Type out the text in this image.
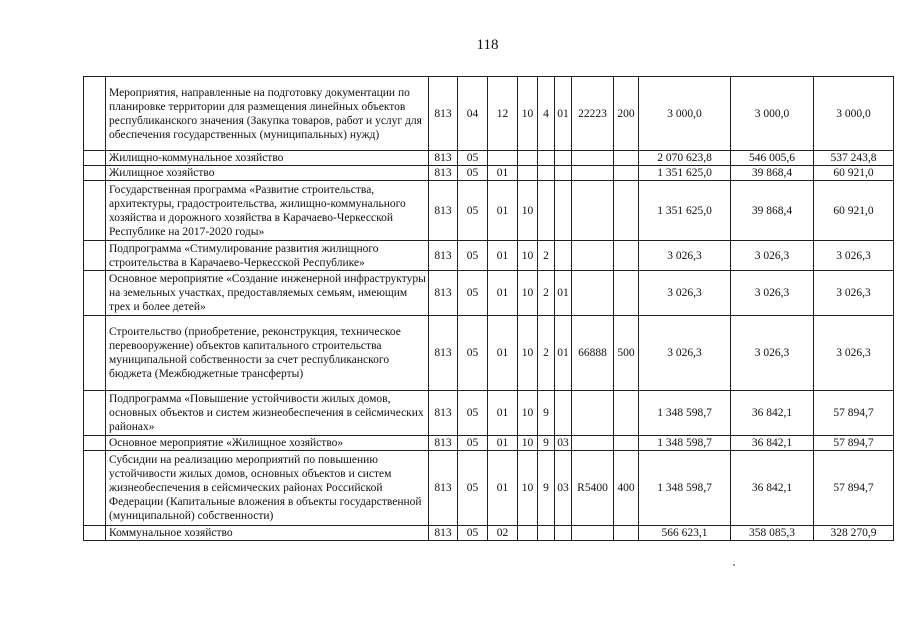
118
	Мероприятия, направленные на подготовку документации по планировке территории для размещения линейных объектов республиканского значения (Закупка товаров, работ и услуг для обеспечения государственных (муниципальных) нужд)	813	04	12	10	4	01	22223	200	3 000,0	3 000,0	3 000,0
	Жилищно-коммунальное хозяйство	813	05							2 070 623,8	546 005,6	537 243,8
	Жилищное хозяйство	813	05	01						1 351 625,0	39 868,4	60 921,0
	Государственная программа «Развитие строительства, архитектуры, градостроительства, жилищно-коммунального хозяйства и дорожного хозяйства в Карачаево-Черкесской Республике на 2017-2020 годы»	813	05	01	10					1 351 625,0	39 868,4	60 921,0
	Подпрограмма «Стимулирование развития жилищного строительства в Карачаево-Черкесской Республике»	813	05	01	10	2				3 026,3	3 026,3	3 026,3
	Основное мероприятие «Создание инженерной инфраструктуры на земельных участках, предоставляемых семьям, имеющим трех и более детей»	813	05	01	10	2	01			3 026,3	3 026,3	3 026,3
	Строительство (приобретение, реконструкция, техническое перевооружение) объектов капитального строительства муниципальной собственности за счет республиканского бюджета (Межбюджетные трансферты)	813	05	01	10	2	01	66888	500	3 026,3	3 026,3	3 026,3
	Подпрограмма «Повышение устойчивости жилых домов, основных объектов и систем жизнеобеспечения в сейсмических районах»	813	05	01	10	9				1 348 598,7	36 842,1	57 894,7
	Основное мероприятие «Жилищное хозяйство»	813	05	01	10	9	03			1 348 598,7	36 842,1	57 894,7
	Субсидии на реализацию мероприятий по повышению устойчивости жилых домов, основных объектов и систем жизнеобеспечения в сейсмических районах Российской Федерации (Капитальные вложения в объекты государственной (муниципальной) собственности)	813	05	01	10	9	03	R5400	400	1 348 598,7	36 842,1	57 894,7
	Коммунальное хозяйство	813	05	02						566 623,1	358 085,3	328 270,9
